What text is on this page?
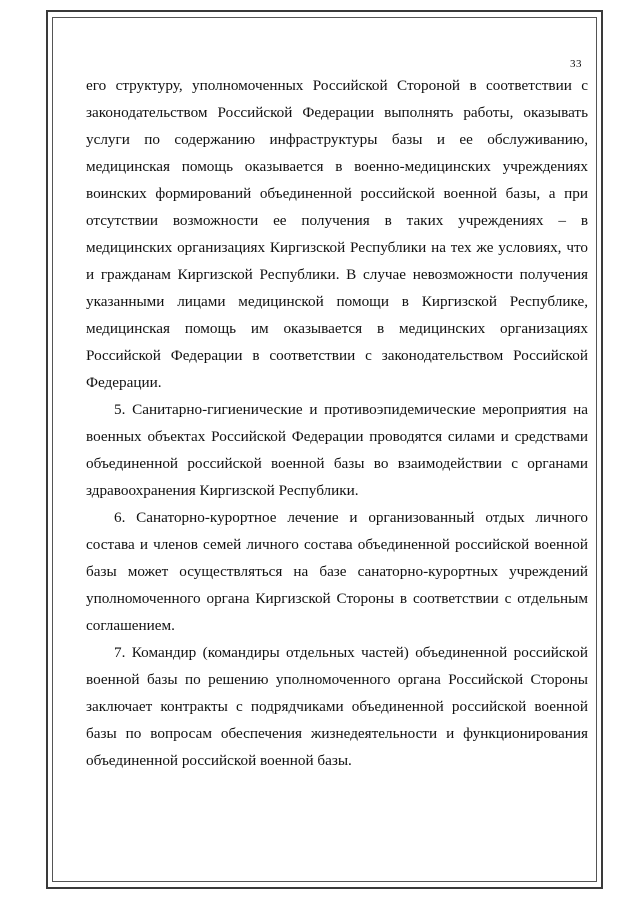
33

его структуру, уполномоченных Российской Стороной в соответствии с законодательством Российской Федерации выполнять работы, оказывать услуги по содержанию инфраструктуры базы и ее обслуживанию, медицинская помощь оказывается в военно-медицинских учреждениях воинских формирований объединенной российской военной базы, а при отсутствии возможности ее получения в таких учреждениях – в медицинских организациях Киргизской Республики на тех же условиях, что и гражданам Киргизской Республики. В случае невозможности получения указанными лицами медицинской помощи в Киргизской Республике, медицинская помощь им оказывается в медицинских организациях Российской Федерации в соответствии с законодательством Российской Федерации.

5. Санитарно-гигиенические и противоэпидемические мероприятия на военных объектах Российской Федерации проводятся силами и средствами объединенной российской военной базы во взаимодействии с органами здравоохранения Киргизской Республики.

6. Санаторно-курортное лечение и организованный отдых личного состава и членов семей личного состава объединенной российской военной базы может осуществляться на базе санаторно-курортных учреждений уполномоченного органа Киргизской Стороны в соответствии с отдельным соглашением.

7. Командир (командиры отдельных частей) объединенной российской военной базы по решению уполномоченного органа Российской Стороны заключает контракты с подрядчиками объединенной российской военной базы по вопросам обеспечения жизнедеятельности и функционирования объединенной российской военной базы.
